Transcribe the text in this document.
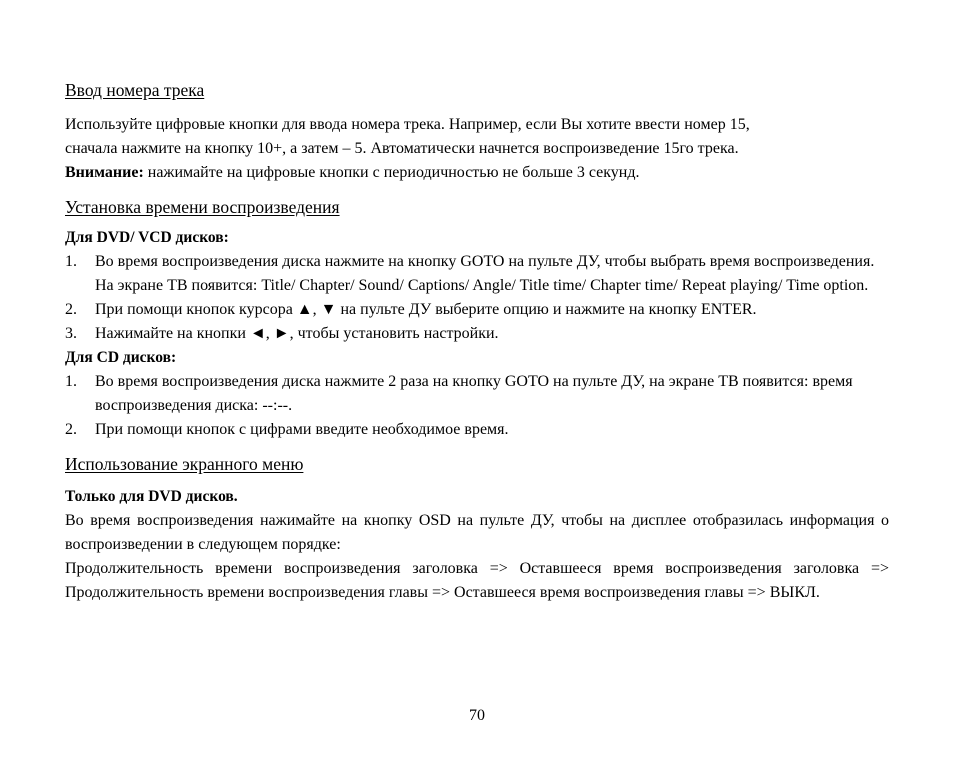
Ввод номера трека

Используйте цифровые кнопки для ввода номера трека. Например, если Вы хотите ввести номер 15,

сначала нажмите на кнопку 10+, а затем – 5. Автоматически начнется воспроизведение 15го трека.

Внимание: нажимайте на цифровые кнопки с периодичностью не больше 3 секунд.

Установка времени воспроизведения

Для DVD/ VCD дисков:

1. Во время воспроизведения диска нажмите на кнопку GOTO на пульте ДУ, чтобы выбрать время воспроизведения. На экране ТВ появится: Title/ Chapter/ Sound/ Captions/ Angle/ Title time/ Chapter time/ Repeat playing/ Time option.
2. При помощи кнопок курсора ▲, ▼ на пульте ДУ выберите опцию и нажмите на кнопку ENTER.
3. Нажимайте на кнопки ◄, ►, чтобы установить настройки.

Для CD дисков:

1. Во время воспроизведения диска нажмите 2 раза на кнопку GOTO на пульте ДУ, на экране ТВ появится: время воспроизведения диска: --:--.
2. При помощи кнопок с цифрами введите необходимое время.
Использование экранного меню

Только для DVD дисков.

Во время воспроизведения нажимайте на кнопку OSD на пульте ДУ, чтобы на дисплее отобразилась информация о воспроизведении в следующем порядке:

Продолжительность времени воспроизведения заголовка => Оставшееся время воспроизведения заголовка => Продолжительность времени воспроизведения главы => Оставшееся время воспроизведения главы => ВЫКЛ.

70
